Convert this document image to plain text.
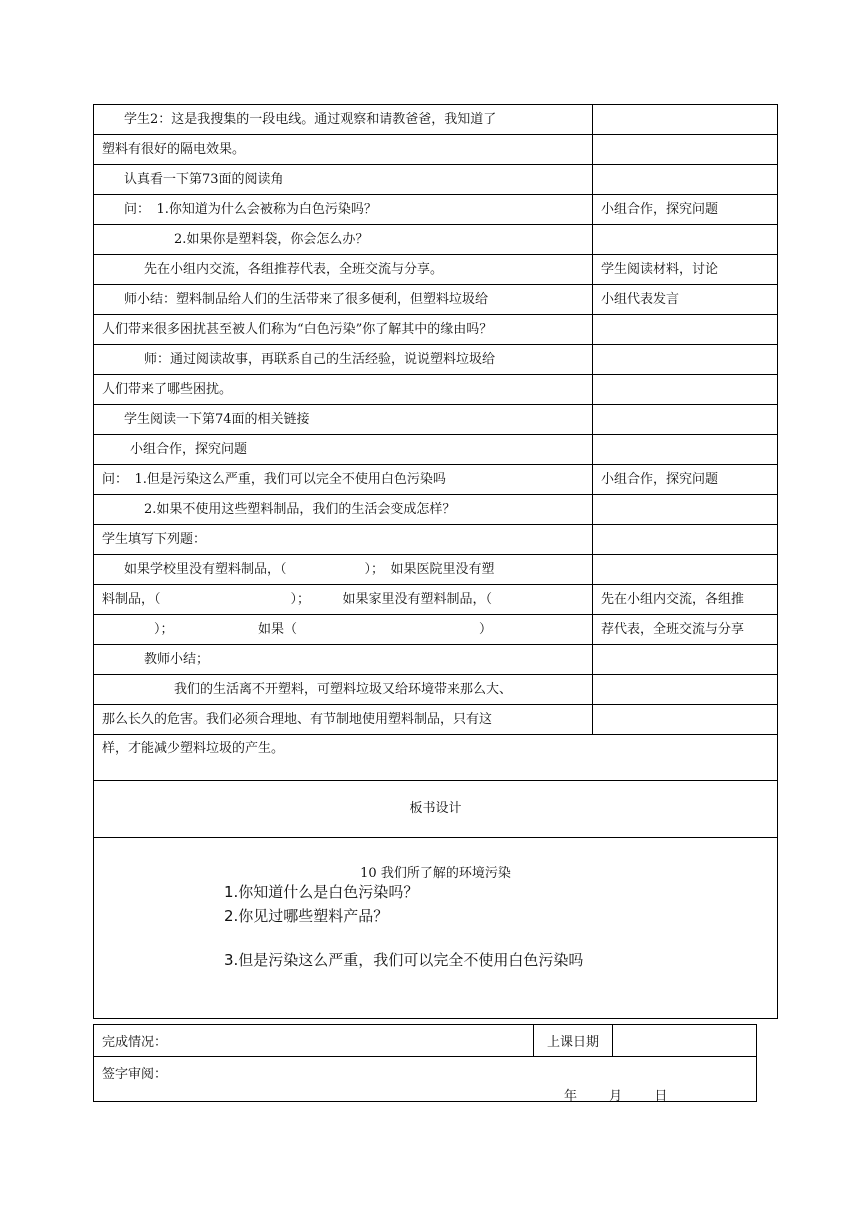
学生2：这是我搜集的一段电线。通过观察和请教爸爸，我知道了	
塑料有很好的隔电效果。	
认真看一下第73面的阅读角	
问：　1.你知道为什么会被称为白色污染吗？	小组合作，探究问题
2.如果你是塑料袋，你会怎么办？	
先在小组内交流，各组推荐代表，全班交流与分享。	学生阅读材料，讨论
师小结：塑料制品给人们的生活带来了很多便利，但塑料垃圾给	小组代表发言
人们带来很多困扰甚至被人们称为“白色污染”你了解其中的缘由吗？	
师：通过阅读故事，再联系自己的生活经验，说说塑料垃圾给	
人们带来了哪些困扰。	
学生阅读一下第74面的相关链接	
小组合作，探究问题	
问：　1.但是污染这么严重，我们可以完全不使用白色污染吗	小组合作，探究问题
2.如果不使用这些塑料制品，我们的生活会变成怎样？	
学生填写下列题：	
如果学校里没有塑料制品，（　　　　　　）；　如果医院里没有塑	
料制品，（　　　　　　　　　　）；　　　如果家里没有塑料制品，（	先在小组内交流，各组推
　　　　）；　　　　　　　如果（　　　　　　　　　　　　　　）	荐代表，全班交流与分享
教师小结；	
我们的生活离不开塑料，可塑料垃圾又给环境带来那么大、	
那么长久的危害。我们必须合理地、有节制地使用塑料制品，只有这	
样，才能减少塑料垃圾的产生。	
板书设计	

10 我们所了解的环境污染
1.你知道什么是白色污染吗？
2.你见过哪些塑料产品？
3.但是污染这么严重，我们可以完全不使用白色污染吗	
完成情况：	上课日期	

签字审阅：
年 月 日
